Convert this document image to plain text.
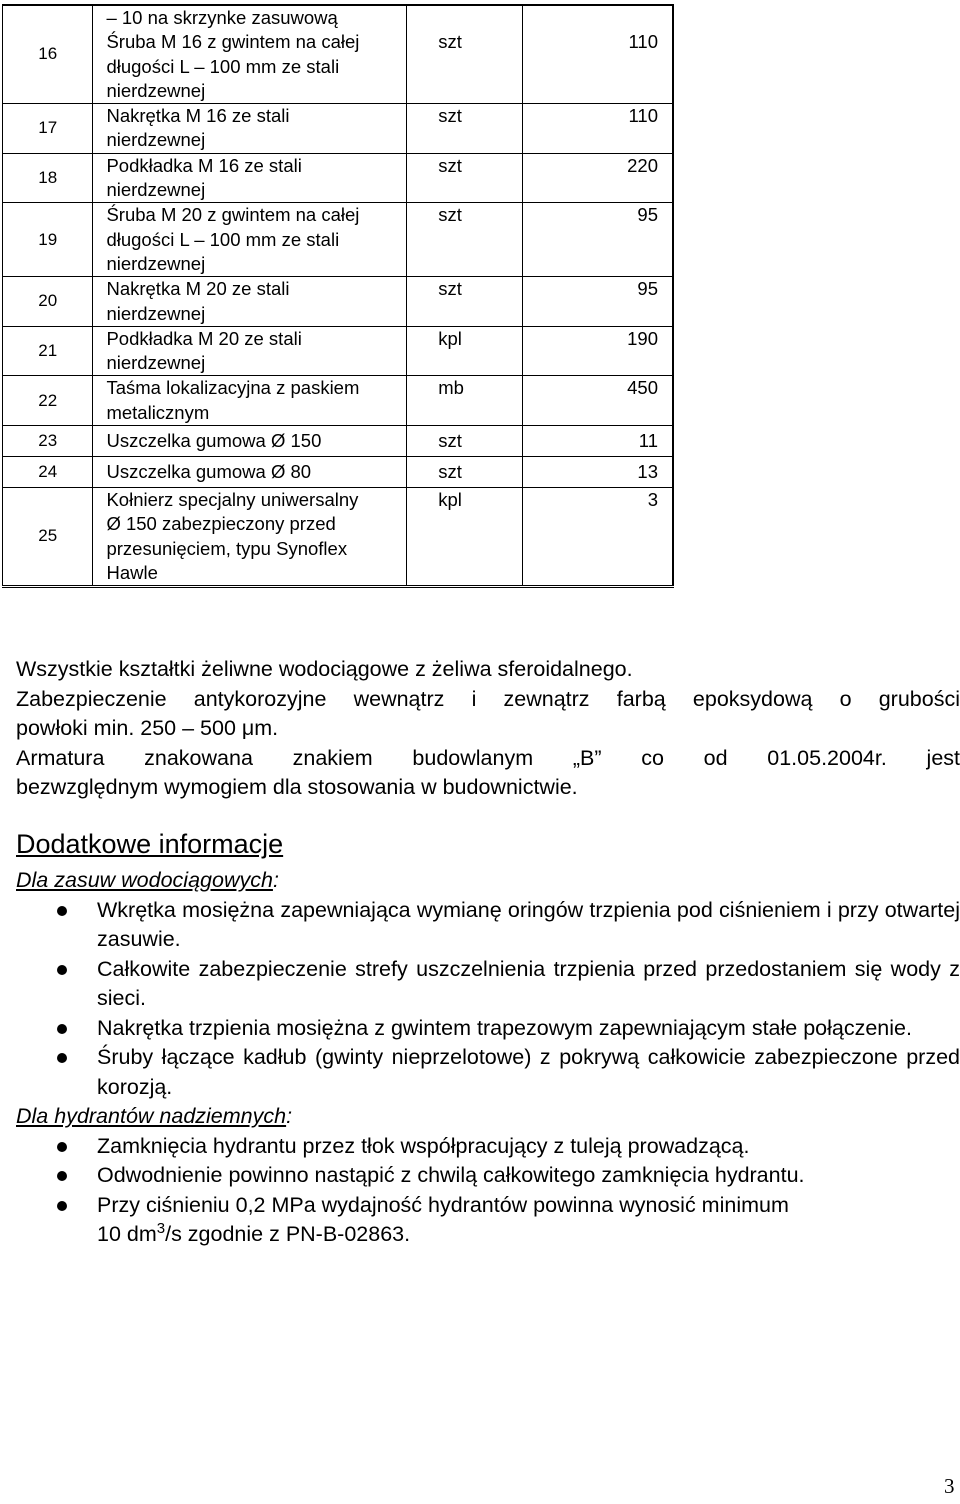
16	– 10 na skrzynke zasuwową
Śruba M 16 z gwintem na całej
długości L – 100 mm ze stali
nierdzewnej	szt	110

17	Nakrętka M 16 ze stali
nierdzewnej	szt	110

18	Podkładka M 16 ze stali
nierdzewnej	szt	220

19	Śruba M 20 z gwintem na całej
długości L – 100 mm ze stali
nierdzewnej	szt	95

20	Nakrętka M 20 ze stali
nierdzewnej	szt	95

21	Podkładka M 20 ze stali
nierdzewnej	kpl	190

22	Taśma lokalizacyjna z paskiem
metalicznym	mb	450

23	Uszczelka gumowa Ø 150	szt	11

24	Uszczelka gumowa Ø 80	szt	13

25	Kołnierz specjalny uniwersalny
Ø 150 zabezpieczony przed
przesunięciem, typu Synoflex
Hawle	kpl	3

Wszystkie kształtki żeliwne wodociągowe z żeliwa sferoidalnego.

Zabezpieczenie antykorozyjne wewnątrz i zewnątrz farbą epoksydową o grubości
powłoki min. 250 – 500 μm.

Armatura znakowana znakiem budowlanym „B” co od 01.05.2004r. jest
bezwzględnym wymogiem dla stosowania w budownictwie.

Dodatkowe informacje

Dla zasuw wodociągowych:

Wkrętka mosiężna zapewniająca wymianę oringów trzpienia pod ciśnieniem i przy otwartej zasuwie.
Całkowite zabezpieczenie strefy uszczelnienia trzpienia przed przedostaniem się wody z sieci.
Nakrętka trzpienia mosiężna z gwintem trapezowym zapewniającym stałe połączenie.
Śruby łączące kadłub (gwinty nieprzelotowe) z pokrywą całkowicie zabezpieczone przed korozją.

Dla hydrantów nadziemnych:

Zamknięcia hydrantu przez tłok współpracujący z tuleją prowadzącą.
Odwodnienie powinno nastąpić z chwilą całkowitego zamknięcia hydrantu.
Przy ciśnieniu 0,2 MPa wydajność hydrantów powinna wynosić minimum
10 $dm^3/s$ zgodnie z PN-B-02863.
3
